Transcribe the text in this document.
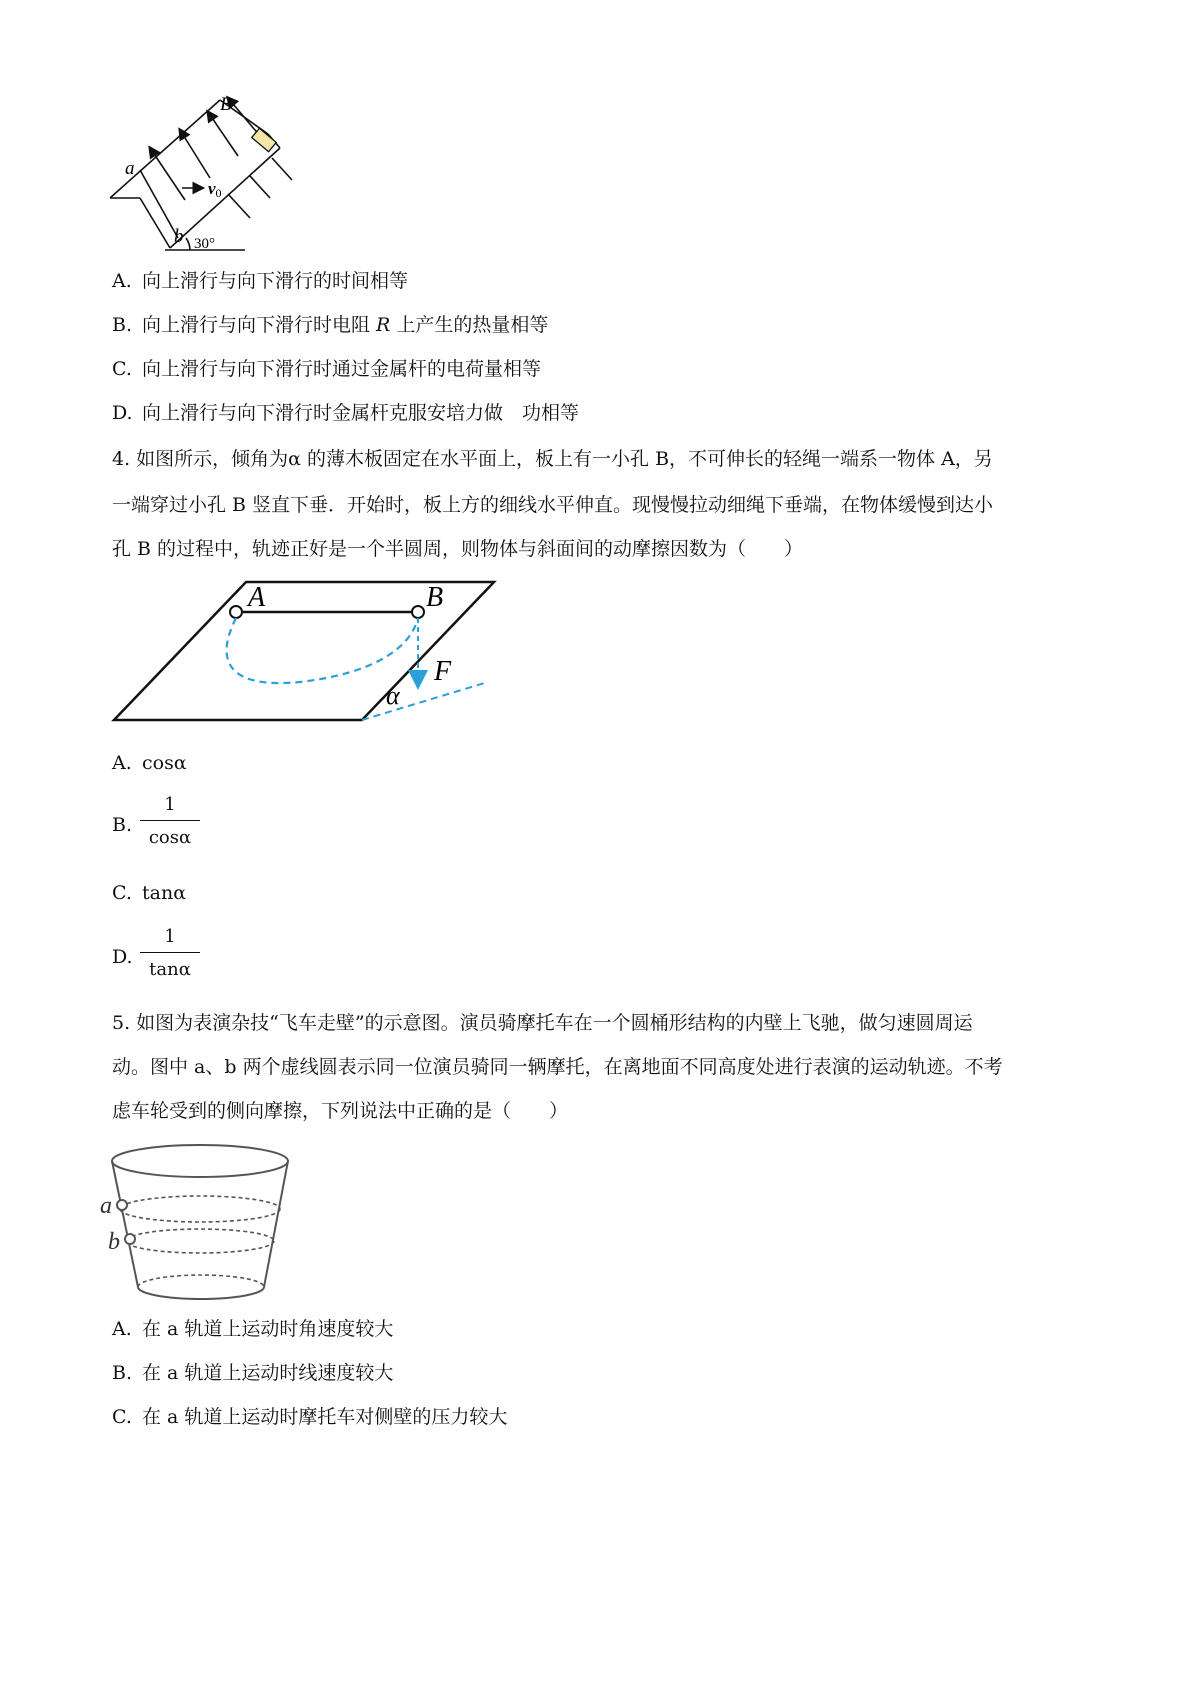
B
a
b
v0
30°
A. 向上滑行与向下滑行的时间相等
B. 向上滑行与向下滑行时电阻 R 上产生的热量相等
C. 向上滑行与向下滑行时通过金属杆的电荷量相等
D. 向上滑行与向下滑行时金属杆克服安培力做　功相等
4. 如图所示，倾角为α 的薄木板固定在水平面上，板上有一小孔 B，不可伸长的轻绳一端系一物体 A，另
一端穿过小孔 B 竖直下垂．开始时，板上方的细线水平伸直。现慢慢拉动细绳下垂端，在物体缓慢到达小
孔 B 的过程中，轨迹正好是一个半圆周，则物体与斜面间的动摩擦因数为（　　）
A	B
F
α
A. cosα
B.
1
cosα
C. tanα
D.
1
tanα
5. 如图为表演杂技“飞车走壁”的示意图。演员骑摩托车在一个圆桶形结构的内壁上飞驰，做匀速圆周运
动。图中 a、b 两个虚线圆表示同一位演员骑同一辆摩托，在离地面不同高度处进行表演的运动轨迹。不考
虑车轮受到的侧向摩擦，下列说法中正确的是（　　）
a
b
A. 在 a 轨道上运动时角速度较大
B. 在 a 轨道上运动时线速度较大
C. 在 a 轨道上运动时摩托车对侧壁的压力较大
